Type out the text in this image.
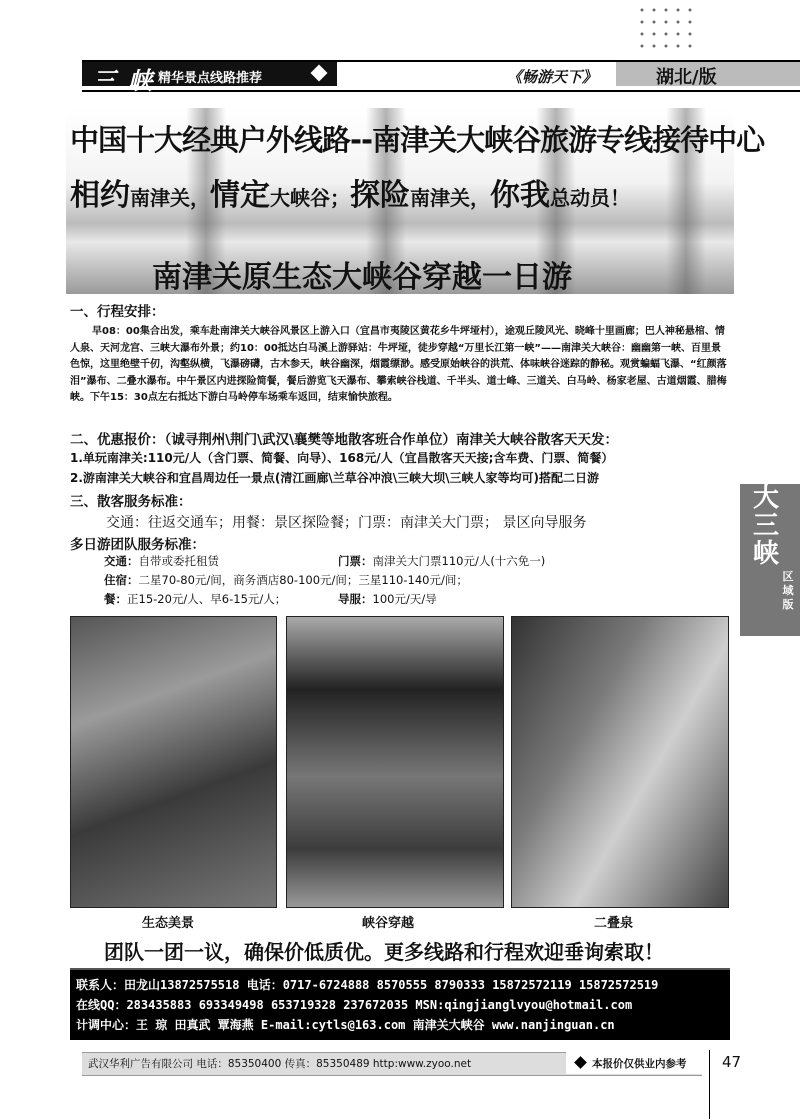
三 峡 精华景点线路推荐	《畅游天下》	湖北/版
中国十大经典户外线路--南津关大峡谷旅游专线接待中心
相约南津关，情定大峡谷；探险南津关，你我总动员！
南津关原生态大峡谷穿越一日游
一、行程安排：
早08：00集合出发，乘车赴南津关大峡谷风景区上游入口（宜昌市夷陵区黄花乡牛坪垭村），途观丘陵风光、晓峰十里画廊；巴人神秘悬棺、情人泉、天河龙宫、三峡大瀑布外景；约10：00抵达白马溪上游驿站：牛坪垭，徒步穿越“万里长江第一峡”——南津关大峡谷：幽幽第一峡、百里景色惊，这里绝壁千仞，沟壑纵横，飞瀑磅礴，古木参天，峡谷幽深，烟霞缥渺。感受原始峡谷的洪荒、体味峡谷迷踪的静秘。观赏蝙蝠飞瀑、“红颜落泪”瀑布、二叠水瀑布。中午景区内进探险简餐，餐后游览飞天瀑布、攀索峡谷栈道、千半头、道士峰、三道关、白马岭、杨家老屋、古道烟霞、腊梅峡。下午15：30点左右抵达下游白马岭停车场乘车返回，结束愉快旅程。
二、优惠报价：（诚寻荆州\荆门\武汉\襄樊等地散客班合作单位）南津关大峡谷散客天天发：
1.单玩南津关:110元/人（含门票、简餐、向导）、168元/人（宜昌散客天天接;含车费、门票、简餐）
2.游南津关大峡谷和宜昌周边任一景点(清江画廊\兰草谷冲浪\三峡大坝\三峡人家等均可)搭配二日游
三、散客服务标准：
交通：往返交通车；用餐：景区探险餐；门票：南津关大门票； 景区向导服务
多日游团队服务标准：
交通：自带或委托租赁	门票：南津关大门票110元/人(十六免一)
住宿：二星70-80元/间，商务酒店80-100元/间；三星110-140元/间；
餐：正15-20元/人、早6-15元/人；	导服：100元/天/导
大三峡
区域版
生态美景	峡谷穿越	二叠泉
团队一团一议，确保价低质优。更多线路和行程欢迎垂询索取！
联系人：田龙山13872575518 电话：0717-6724888 8570555 8790333 15872572119 15872572519
在线QQ：283435883 693349498 653719328 237672035 MSN:qingjianglvyou@hotmail.com
计调中心：王 琼 田真武 覃海燕 E-mail:cytls@163.com 南津关大峡谷 www.nanjinguan.cn
武汉华利广告有限公司 电话：85350400 传真：85350489 http:www.zyoo.net	本报价仅供业内参考 47
